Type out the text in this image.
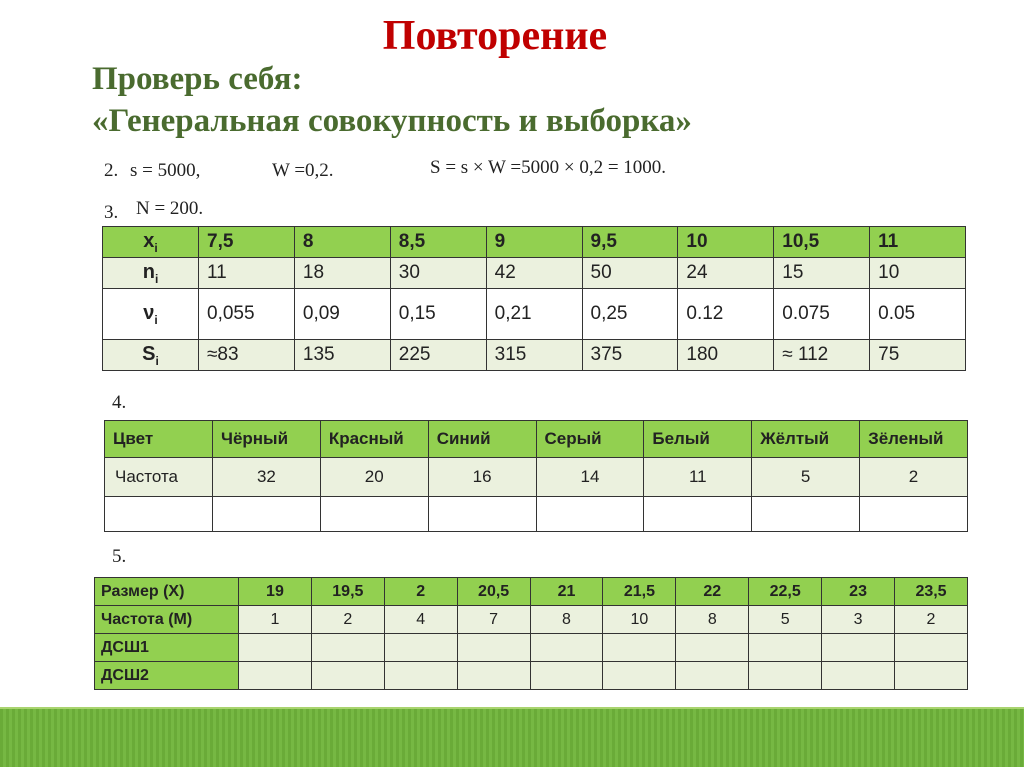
Повторение
Проверь себя:
«Генеральная совокупность и выборка»
2. s = 5000,	W =0,2.	S = s × W =5000 × 0,2 = 1000.
3. N = 200.
$x_i$	7,5	8	8,5	9	9,5	10	10,5	11
$n_i$	11	18	30	42	50	24	15	10
$\nu_i$	0,055	0,09	0,15	0,21	0,25	0.12	0.075	0.05
$S_i$	≈83	135	225	315	375	180	≈ 112	75
4.
Цвет	Чёрный	Красный	Синий	Серый	Белый	Жёлтый	Зёленый
Частота	32	20	16	14	11	5	2

5.
Размер (X)	19	19,5	2	20,5	21	21,5	22	22,5	23	23,5
Частота (M)	1	2	4	7	8	10	8	5	3	2
ДСШ1										
ДСШ2										
